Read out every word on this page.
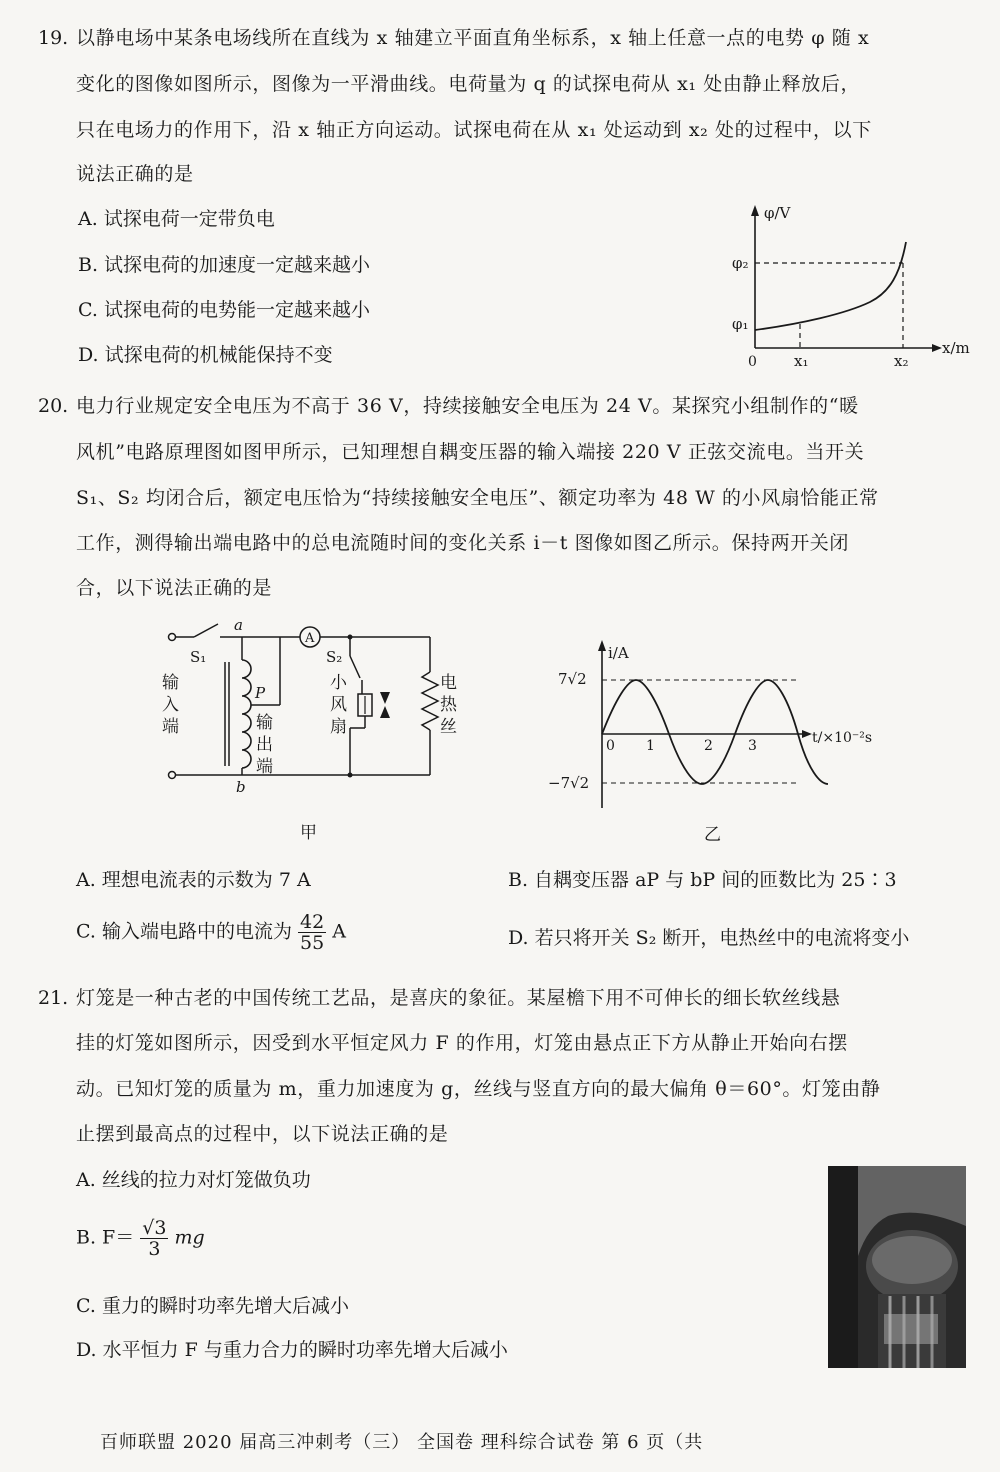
19. 以静电场中某条电场线所在直线为 x 轴建立平面直角坐标系，x 轴上任意一点的电势 φ 随 x
变化的图像如图所示，图像为一平滑曲线。电荷量为 q 的试探电荷从 x₁ 处由静止释放后，
只在电场力的作用下，沿 x 轴正方向运动。试探电荷在从 x₁ 处运动到 x₂ 处的过程中，以下
说法正确的是
A. 试探电荷一定带负电
B. 试探电荷的加速度一定越来越小
C. 试探电荷的电势能一定越来越小
D. 试探电荷的机械能保持不变
φ/V
x/m
0
φ₂
φ₁
x₁	x₂
20. 电力行业规定安全电压为不高于 36 V，持续接触安全电压为 24 V。某探究小组制作的“暖
风机”电路原理图如图甲所示，已知理想自耦变压器的输入端接 220 V 正弦交流电。当开关
S₁、S₂ 均闭合后，额定电压恰为“持续接触安全电压”、额定功率为 48 W 的小风扇恰能正常
工作，测得输出端电路中的总电流随时间的变化关系 i－t 图像如图乙所示。保持两开关闭
合，以下说法正确的是
S₁
a
P
b
A
S₂
输
入
端	输
出
端
小
风
扇
电
热
丝
甲
i/A
t/×10⁻²s
7√2
−7√2
0 1	2	3
乙
A. 理想电流表的示数为 7 A	B. 自耦变压器 aP 与 bP 间的匝数比为 25∶3
C. 输入端电路中的电流为 $\frac{42}{55}$ A	D. 若只将开关 S₂ 断开，电热丝中的电流将变小
21. 灯笼是一种古老的中国传统工艺品，是喜庆的象征。某屋檐下用不可伸长的细长软丝线悬
挂的灯笼如图所示，因受到水平恒定风力 F 的作用，灯笼由悬点正下方从静止开始向右摆
动。已知灯笼的质量为 m，重力加速度为 g，丝线与竖直方向的最大偏角 θ＝60°。灯笼由静
止摆到最高点的过程中，以下说法正确的是
A. 丝线的拉力对灯笼做负功
B. $F= \frac{√3}{3}$ mg
C. 重力的瞬时功率先增大后减小
D. 水平恒力 F 与重力合力的瞬时功率先增大后减小
百师联盟 2020 届高三冲刺考（三） 全国卷 理科综合试卷 第 6 页（共
